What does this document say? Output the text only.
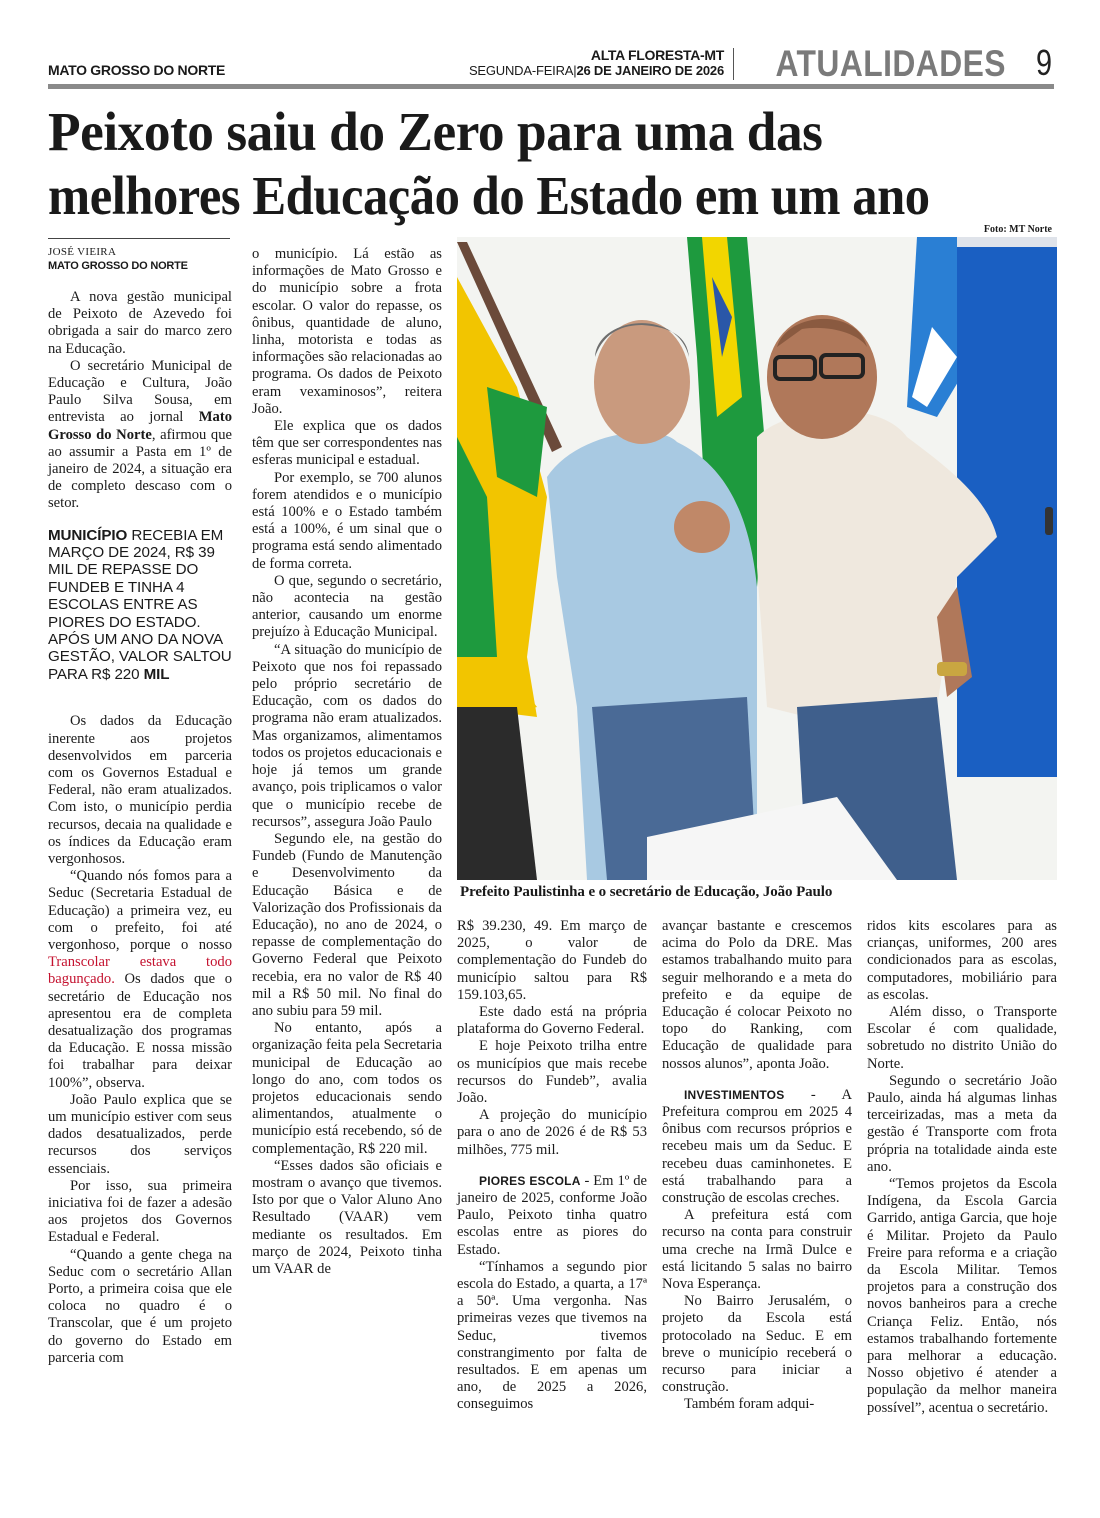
MATO GROSSO DO NORTE
ALTA FLORESTA-MT
SEGUNDA-FEIRA|26 DE JANEIRO DE 2026 ATUALIDADES 9
Peixoto saiu do Zero para uma das
melhores Educação do Estado em um ano

JOSÉ VIEIRA

MATO GROSSO DO NORTE

A nova gestão municipal de Peixoto de Azevedo foi obrigada a sair do marco zero na Educação.

O secretário Municipal de Educação e Cultura, João Paulo Silva Sousa, em entrevista ao jornal Mato Grosso do Norte, afirmou que ao assumir a Pasta em 1º de janeiro de 2024, a situação era de completo descaso com o setor.

MUNICÍPIO RECEBIA EM MARÇO DE 2024, R$ 39 MIL DE REPASSE DO FUNDEB E TINHA 4 ESCOLAS ENTRE AS PIORES DO ESTADO. APÓS UM ANO DA NOVA GESTÃO, VALOR SALTOU PARA R$ 220 MIL

Os dados da Educação inerente aos projetos desenvolvidos em parceria com os Governos Estadual e Federal, não eram atualizados. Com isto, o município perdia recursos, decaia na qualidade e os índices da Educação eram vergonhosos.

“Quando nós fomos para a Seduc (Secretaria Estadual de Educação) a primeira vez, eu com o prefeito, foi até vergonhoso, porque o nosso Transcolar estava todo bagunçado. Os dados que o secretário de Educação nos apresentou era de completa desatualização dos programas da Educação. E nossa missão foi trabalhar para deixar 100%”, observa.

João Paulo explica que se um município estiver com seus dados desatualizados, perde recursos dos serviços essenciais.

Por isso, sua primeira iniciativa foi de fazer a adesão aos projetos dos Governos Estadual e Federal.

“Quando a gente chega na Seduc com o secretário Allan Porto, a primeira coisa que ele coloca no quadro é o Transcolar, que é um projeto do governo do Estado em parceria com

o município. Lá estão as informações de Mato Grosso e do município sobre a frota escolar. O valor do repasse, os ônibus, quantidade de aluno, linha, motorista e todas as informações são relacionadas ao programa. Os dados de Peixoto eram vexaminosos”, reitera João.

Ele explica que os dados têm que ser correspondentes nas esferas municipal e estadual.

Por exemplo, se 700 alunos forem atendidos e o município está 100% e o Estado também está a 100%, é um sinal que o programa está sendo alimentado de forma correta.

O que, segundo o secretário, não acontecia na gestão anterior, causando um enorme prejuízo à Educação Municipal.

“A situação do município de Peixoto que nos foi repassado pelo próprio secretário de Educação, com os dados do programa não eram atualizados. Mas organizamos, alimentamos todos os projetos educacionais e hoje já temos um grande avanço, pois triplicamos o valor que o município recebe de recursos”, assegura João Paulo

Segundo ele, na gestão do Fundeb (Fundo de Manutenção e Desenvolvimento da Educação Básica e de Valorização dos Profissionais da Educação), no ano de 2024, o repasse de complementação do Governo Federal que Peixoto recebia, era no valor de R$ 40 mil a R$ 50 mil. No final do ano subiu para 59 mil.

No entanto, após a organização feita pela Secretaria municipal de Educação ao longo do ano, com todos os projetos educacionais sendo alimentandos, atualmente o município está recebendo, só de complementação, R$ 220 mil.

“Esses dados são oficiais e mostram o avanço que tivemos. Isto por que o Valor Aluno Ano Resultado (VAAR) vem mediante os resultados. Em março de 2024, Peixoto tinha um VAAR de

Foto: MT Norte
Prefeito Paulistinha e o secretário de Educação, João Paulo

R$ 39.230, 49. Em março de 2025, o valor de complementação do Fundeb do município saltou para R$ 159.103,65.

Este dado está na própria plataforma do Governo Federal.

E hoje Peixoto trilha entre os municípios que mais recebe recursos do Fundeb”, avalia João.

A projeção do município para o ano de 2026 é de R$ 53 milhões, 775 mil.

PIORES ESCOLA - Em 1º de janeiro de 2025, conforme João Paulo, Peixoto tinha quatro escolas entre as piores do Estado.

“Tínhamos a segundo pior escola do Estado, a quarta, a 17ª a 50ª. Uma vergonha. Nas primeiras vezes que tivemos na Seduc, tivemos constrangimento por falta de resultados. E em apenas um ano, de 2025 a 2026, conseguimos

avançar bastante e crescemos acima do Polo da DRE. Mas estamos trabalhando muito para seguir melhorando e a meta do prefeito e da equipe de Educação é colocar Peixoto no topo do Ranking, com Educação de qualidade para nossos alunos”, aponta João.

INVESTIMENTOS - A Prefeitura comprou em 2025 4 ônibus com recursos próprios e recebeu mais um da Seduc. E recebeu duas caminhonetes. E está trabalhando para a construção de escolas creches.

A prefeitura está com recurso na conta para construir uma creche na Irmã Dulce e está licitando 5 salas no bairro Nova Esperança.

No Bairro Jerusalém, o projeto da Escola está protocolado na Seduc. E em breve o município receberá o recurso para iniciar a construção.

Também foram adqui-

ridos kits escolares para as crianças, uniformes, 200 ares condicionados para as escolas, computadores, mobiliário para as escolas.

Além disso, o Transporte Escolar é com qualidade, sobretudo no distrito União do Norte.

Segundo o secretário João Paulo, ainda há algumas linhas terceirizadas, mas a meta da gestão é Transporte com frota própria na totalidade ainda este ano.

“Temos projetos da Escola Indígena, da Escola Garcia Garrido, antiga Garcia, que hoje é Militar. Projeto da Paulo Freire para reforma e a criação da Escola Militar. Temos projetos para a construção dos novos banheiros para a creche Criança Feliz. Então, nós estamos trabalhando fortemente para melhorar a educação. Nosso objetivo é atender a população da melhor maneira possível”, acentua o secretário.
